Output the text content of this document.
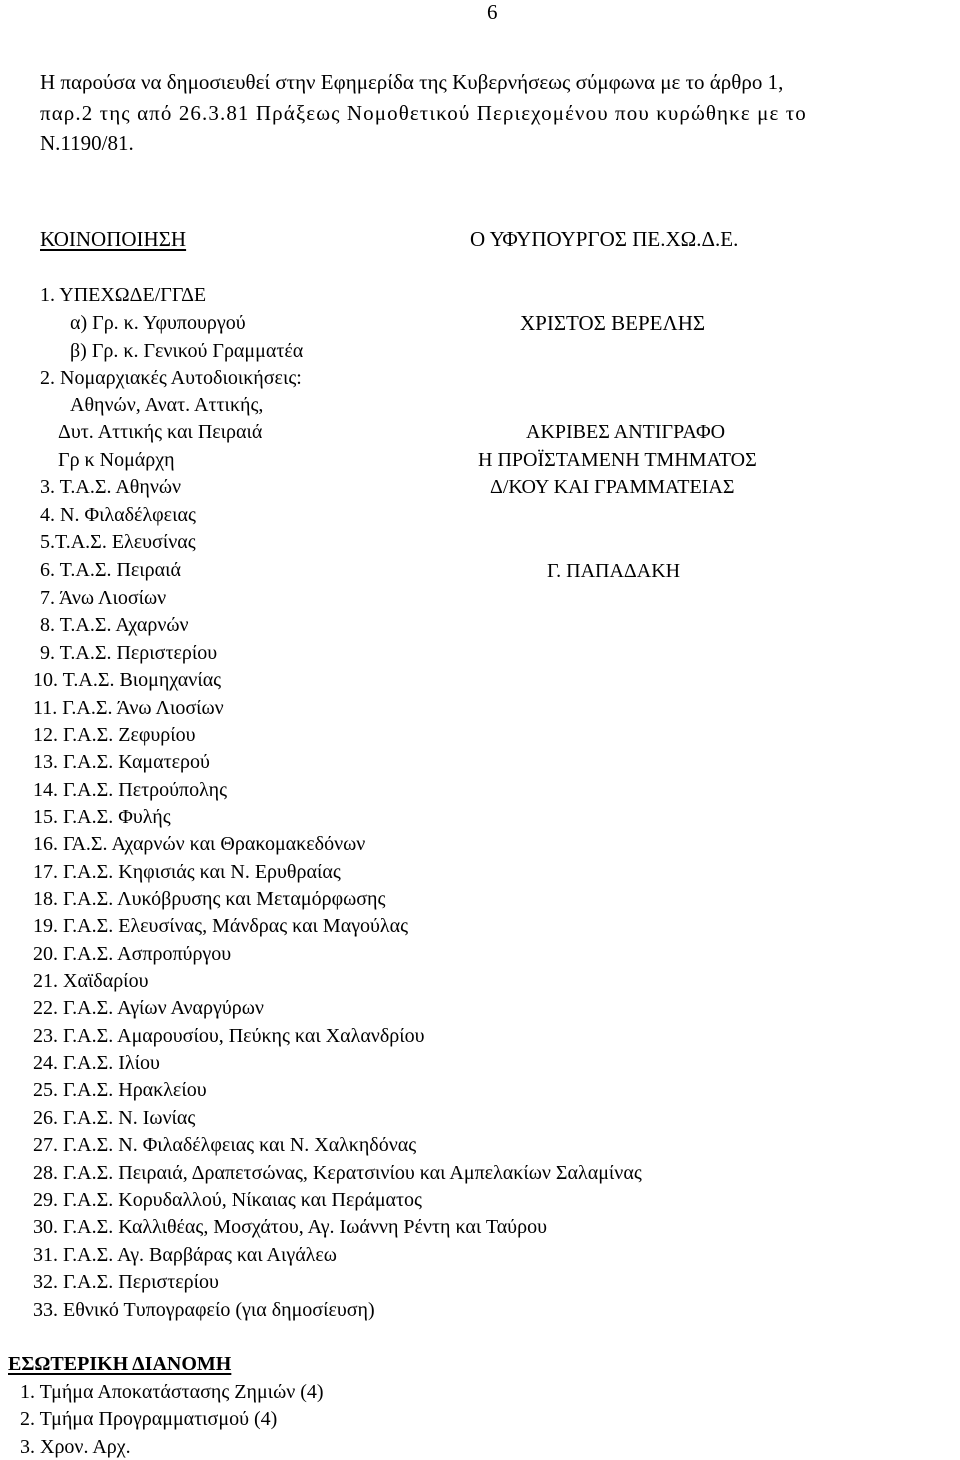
6
Η παρούσα να δημοσιευθεί στην Εφημερίδα της Κυβερνήσεως σύμφωνα με το άρθρο 1,
παρ.2 της από 26.3.81 Πράξεως Νομοθετικού Περιεχομένου που κυρώθηκε με το
Ν.1190/81.
ΚΟΙΝΟΠΟΙΗΣΗ
1. ΥΠΕΧΩΔΕ/ΓΓΔΕ
α) Γρ. κ. Υφυπουργού
β) Γρ. κ. Γενικού Γραμματέα
2. Νομαρχιακές Αυτοδιοικήσεις:
Αθηνών, Ανατ. Αττικής,
Δυτ. Αττικής και Πειραιά
Γρ κ Νομάρχη
3. Τ.Α.Σ. Αθηνών
4. Ν. Φιλαδέλφειας
5.Τ.Α.Σ. Ελευσίνας
6. Τ.Α.Σ. Πειραιά
7. Άνω Λιοσίων
8. Τ.Α.Σ. Αχαρνών
9. Τ.Α.Σ. Περιστερίου
10. Τ.Α.Σ. Βιομηχανίας
11. Γ.Α.Σ. Άνω Λιοσίων
12. Γ.Α.Σ. Ζεφυρίου
13. Γ.Α.Σ. Καματερού
14. Γ.Α.Σ. Πετρούπολης
15. Γ.Α.Σ. Φυλής
16. ΓΑ.Σ. Αχαρνών και Θρακομακεδόνων
17. Γ.Α.Σ. Κηφισιάς και Ν. Ερυθραίας
18. Γ.Α.Σ. Λυκόβρυσης και Μεταμόρφωσης
19. Γ.Α.Σ. Ελευσίνας, Μάνδρας και Μαγούλας
20. Γ.Α.Σ. Ασπροπύργου
21. Χαϊδαρίου
22. Γ.Α.Σ. Αγίων Αναργύρων
23. Γ.Α.Σ. Αμαρουσίου, Πεύκης και Χαλανδρίου
24. Γ.Α.Σ. Ιλίου
25. Γ.Α.Σ. Ηρακλείου
26. Γ.Α.Σ. Ν. Ιωνίας
27. Γ.Α.Σ. Ν. Φιλαδέλφειας και Ν. Χαλκηδόνας
28. Γ.Α.Σ. Πειραιά, Δραπετσώνας, Κερατσινίου και Αμπελακίων Σαλαμίνας
29. Γ.Α.Σ. Κορυδαλλού, Νίκαιας και Περάματος
30. Γ.Α.Σ. Καλλιθέας, Μοσχάτου, Αγ. Ιωάννη Ρέντη και Ταύρου
31. Γ.Α.Σ. Αγ. Βαρβάρας και Αιγάλεω
32. Γ.Α.Σ. Περιστερίου
33. Εθνικό Τυπογραφείο (για δημοσίευση)
Ο ΥΦΥΠΟΥΡΓΟΣ ΠΕ.ΧΩ.Δ.Ε.
ΧΡΙΣΤΟΣ ΒΕΡΕΛΗΣ
ΑΚΡΙΒΕΣ ΑΝΤΙΓΡΑΦΟ
Η ΠΡΟΪΣΤΑΜΕΝΗ ΤΜΗΜΑΤΟΣ
Δ/ΚΟΥ ΚΑΙ ΓΡΑΜΜΑΤΕΙΑΣ
Γ. ΠΑΠΑΔΑΚΗ
ΕΣΩΤΕΡΙΚΗ ΔΙΑΝΟΜΗ
1. Τμήμα Αποκατάστασης Ζημιών (4)
2. Τμήμα Προγραμματισμού (4)
3. Χρον. Αρχ.
